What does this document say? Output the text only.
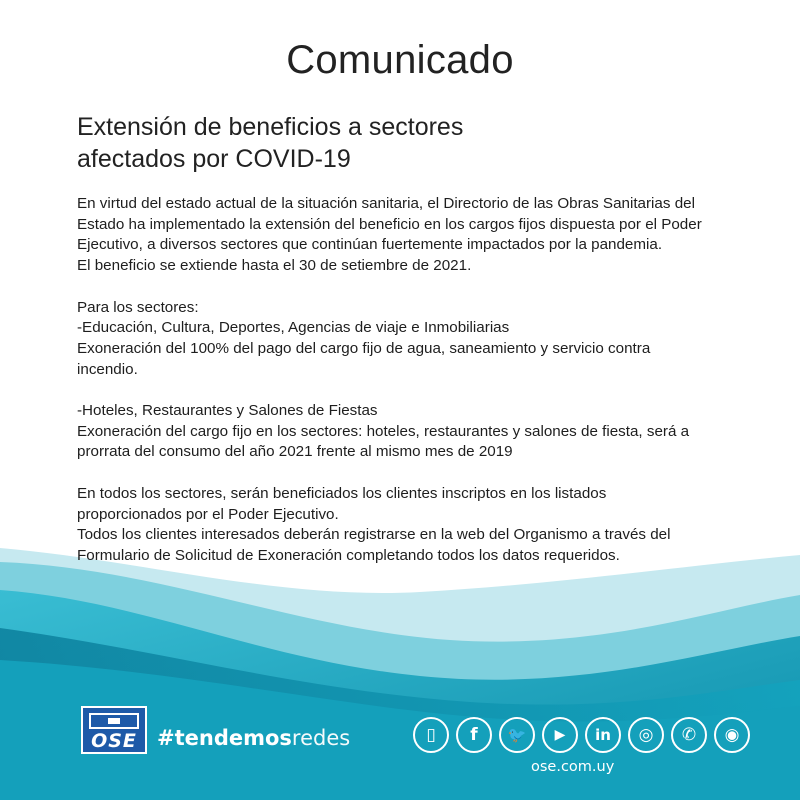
Comunicado
Extensión de beneficios a sectores
afectados por COVID-19

En virtud del estado actual de la situación sanitaria, el Directorio de las Obras Sanitarias del

Estado ha implementado la extensión del beneficio en los cargos fijos dispuesta por el Poder

Ejecutivo, a diversos sectores que continúan fuertemente impactados por la pandemia.

El beneficio se extiende hasta el 30 de setiembre de 2021.

Para los sectores:

-Educación, Cultura, Deportes, Agencias de viaje e Inmobiliarias

Exoneración del 100% del pago del cargo fijo de agua, saneamiento y servicio contra

incendio.

-Hoteles, Restaurantes y Salones de Fiestas

Exoneración del cargo fijo en los sectores: hoteles, restaurantes y salones de fiesta, será a

prorrata del consumo del año 2021 frente al mismo mes de 2019

En todos los sectores, serán beneficiados los clientes inscriptos en los listados

proporcionados por el Poder Ejecutivo.

Todos los clientes interesados deberán registrarse en la web del Organismo a través del

Formulario de Solicitud de Exoneración completando todos los datos requeridos.

OSE #tendemosredes	▯	f	🐦	▶	in	◎	✆	◉
ose.com.uy
